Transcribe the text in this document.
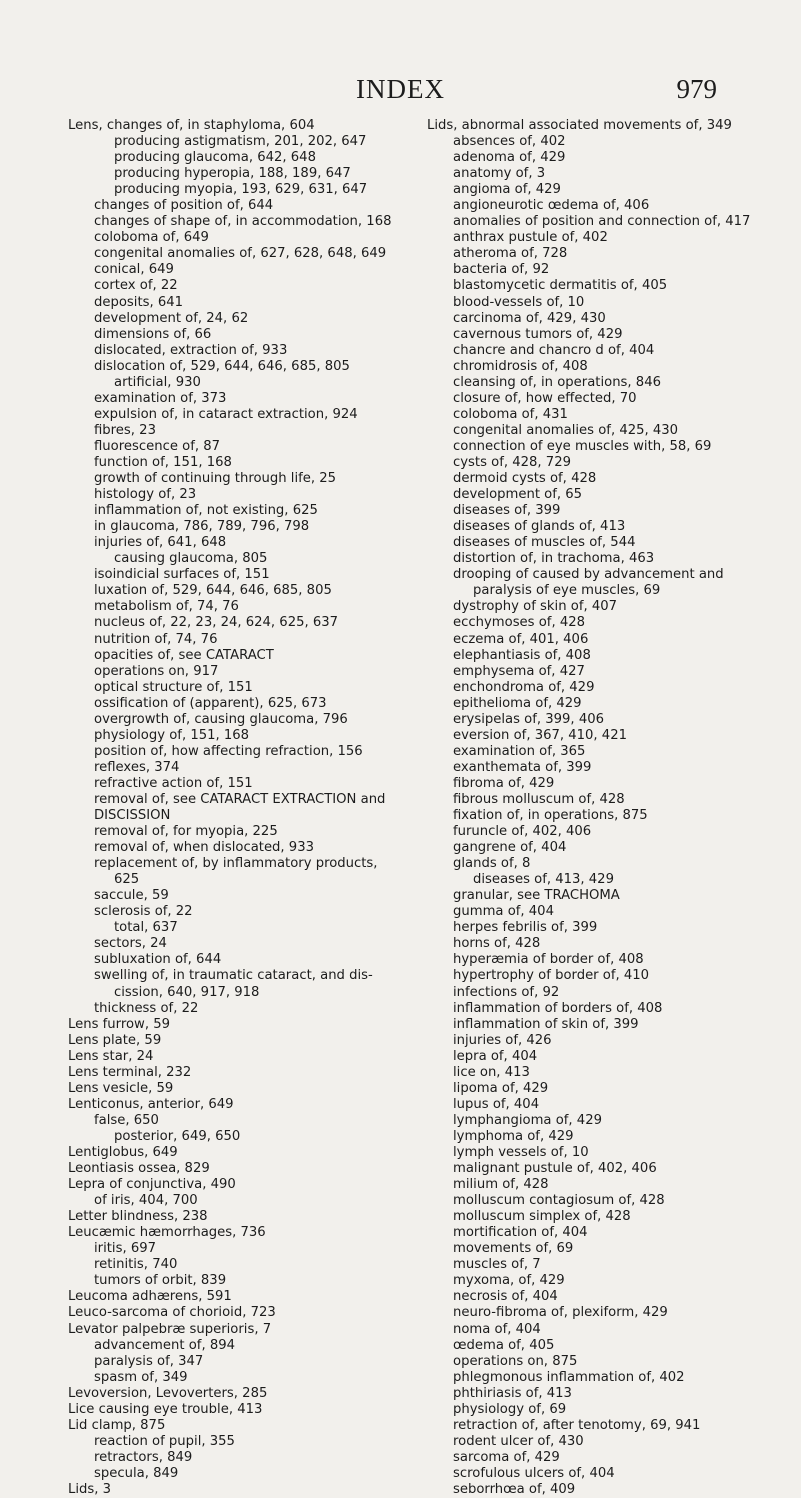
INDEX	979
Lens, changes of, in staphyloma, 604
producing astigmatism, 201, 202, 647
producing glaucoma, 642, 648
producing hyperopia, 188, 189, 647
producing myopia, 193, 629, 631, 647
changes of position of, 644
changes of shape of, in accommodation, 168
coloboma of, 649
congenital anomalies of, 627, 628, 648, 649
conical, 649
cortex of, 22
deposits, 641
development of, 24, 62
dimensions of, 66
dislocated, extraction of, 933
dislocation of, 529, 644, 646, 685, 805
artificial, 930
examination of, 373
expulsion of, in cataract extraction, 924
fibres, 23
fluorescence of, 87
function of, 151, 168
growth of continuing through life, 25
histology of, 23
inflammation of, not existing, 625
in glaucoma, 786, 789, 796, 798
injuries of, 641, 648
causing glaucoma, 805
isoindicial surfaces of, 151
luxation of, 529, 644, 646, 685, 805
metabolism of, 74, 76
nucleus of, 22, 23, 24, 624, 625, 637
nutrition of, 74, 76
opacities of, see CATARACT
operations on, 917
optical structure of, 151
ossification of (apparent), 625, 673
overgrowth of, causing glaucoma, 796
physiology of, 151, 168
position of, how affecting refraction, 156
reflexes, 374
refractive action of, 151
removal of, see CATARACT EXTRACTION and
DISCISSION
removal of, for myopia, 225
removal of, when dislocated, 933
replacement of, by inflammatory products,
625
saccule, 59
sclerosis of, 22
total, 637
sectors, 24
subluxation of, 644
swelling of, in traumatic cataract, and dis-
cission, 640, 917, 918
thickness of, 22
Lens furrow, 59
Lens plate, 59
Lens star, 24
Lens terminal, 232
Lens vesicle, 59
Lenticonus, anterior, 649
false, 650
posterior, 649, 650
Lentiglobus, 649
Leontiasis ossea, 829
Lepra of conjunctiva, 490
of iris, 404, 700
Letter blindness, 238
Leucæmic hæmorrhages, 736
iritis, 697
retinitis, 740
tumors of orbit, 839
Leucoma adhærens, 591
Leuco-sarcoma of chorioid, 723
Levator palpebræ superioris, 7
advancement of, 894
paralysis of, 347
spasm of, 349
Levoversion, Levoverters, 285
Lice causing eye trouble, 413
Lid clamp, 875
reaction of pupil, 355
retractors, 849
specula, 849
Lids, 3
Lids, abnormal associated movements of, 349
absences of, 402
adenoma of, 429
anatomy of, 3
angioma of, 429
angioneurotic œdema of, 406
anomalies of position and connection of, 417
anthrax pustule of, 402
atheroma of, 728
bacteria of, 92
blastomycetic dermatitis of, 405
blood-vessels of, 10
carcinoma of, 429, 430
cavernous tumors of, 429
chancre and chancro d of, 404
chromidrosis of, 408
cleansing of, in operations, 846
closure of, how effected, 70
coloboma of, 431
congenital anomalies of, 425, 430
connection of eye muscles with, 58, 69
cysts of, 428, 729
dermoid cysts of, 428
development of, 65
diseases of, 399
diseases of glands of, 413
diseases of muscles of, 544
distortion of, in trachoma, 463
drooping of caused by advancement and
paralysis of eye muscles, 69
dystrophy of skin of, 407
ecchymoses of, 428
eczema of, 401, 406
elephantiasis of, 408
emphysema of, 427
enchondroma of, 429
epithelioma of, 429
erysipelas of, 399, 406
eversion of, 367, 410, 421
examination of, 365
exanthemata of, 399
fibroma of, 429
fibrous molluscum of, 428
fixation of, in operations, 875
furuncle of, 402, 406
gangrene of, 404
glands of, 8
diseases of, 413, 429
granular, see TRACHOMA
gumma of, 404
herpes febrilis of, 399
horns of, 428
hyperæmia of border of, 408
hypertrophy of border of, 410
infections of, 92
inflammation of borders of, 408
inflammation of skin of, 399
injuries of, 426
lepra of, 404
lice on, 413
lipoma of, 429
lupus of, 404
lymphangioma of, 429
lymphoma of, 429
lymph vessels of, 10
malignant pustule of, 402, 406
milium of, 428
molluscum contagiosum of, 428
molluscum simplex of, 428
mortification of, 404
movements of, 69
muscles of, 7
myxoma, of, 429
necrosis of, 404
neuro-fibroma of, plexiform, 429
noma of, 404
œdema of, 405
operations on, 875
phlegmonous inflammation of, 402
phthiriasis of, 413
physiology of, 69
retraction of, after tenotomy, 69, 941
rodent ulcer of, 430
sarcoma of, 429
scrofulous ulcers of, 404
seborrhœa of, 409
